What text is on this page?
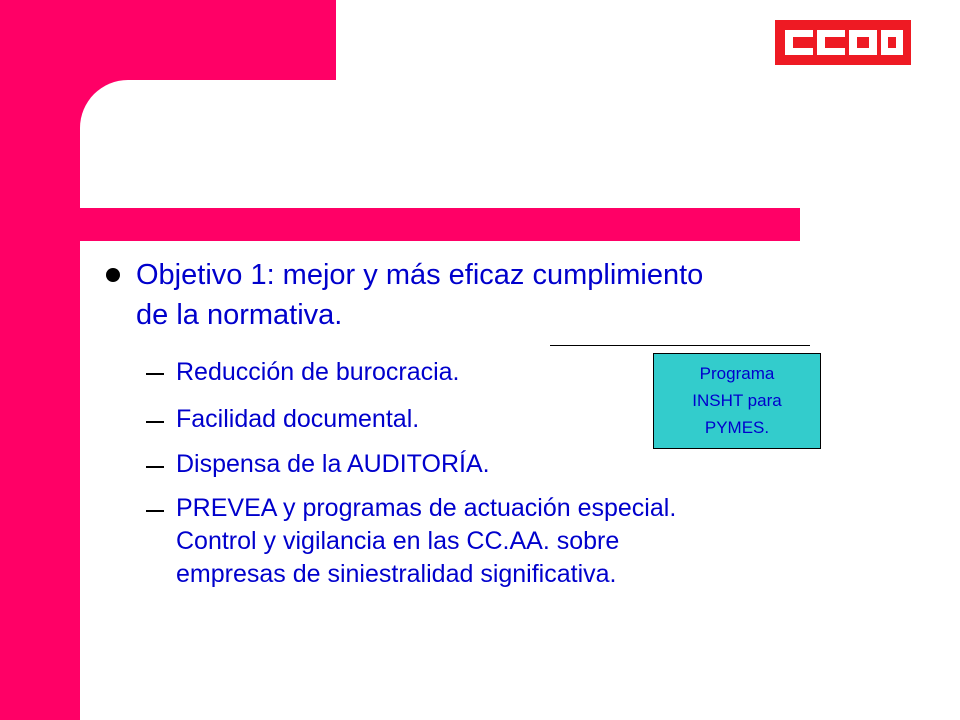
Objetivo 1: mejor y más eficaz cumplimiento
de la normativa.
Reducción de burocracia.
Facilidad documental.
Dispensa de la AUDITORÍA.
PREVEA y programas de actuación especial.
Control y vigilancia en las CC.AA. sobre
empresas de siniestralidad significativa.
Programa
INSHT para
PYMES.
